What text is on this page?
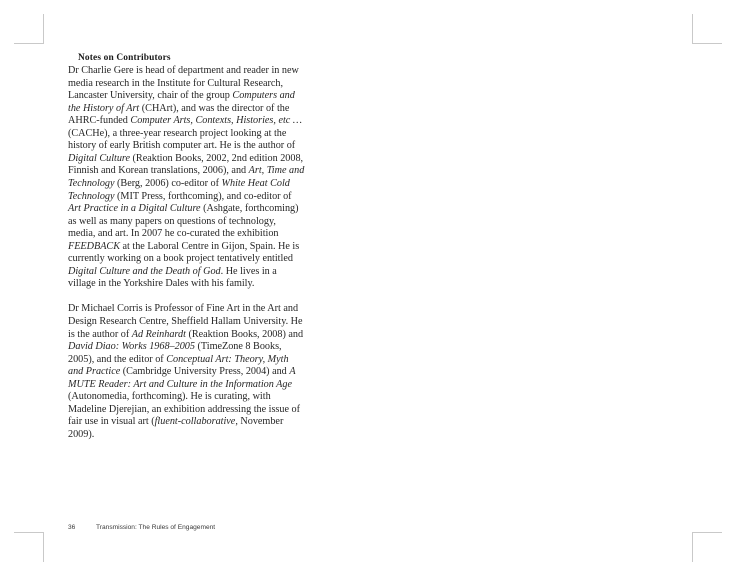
Notes on Contributors

Dr Charlie Gere is head of department and reader in new media research in the Institute for Cultural Research, Lancaster University, chair of the group Computers and the History of Art (CHArt), and was the director of the AHRC-funded Computer Arts, Contexts, Histories, etc … (CACHe), a three-year research project looking at the history of early British computer art. He is the author of Digital Culture (Reaktion Books, 2002, 2nd edition 2008, Finnish and Korean translations, 2006), and Art, Time and Technology (Berg, 2006) co-editor of White Heat Cold Technology (MIT Press, forthcoming), and co-editor of Art Practice in a Digital Culture (Ashgate, forthcoming) as well as many papers on questions of technology, media, and art. In 2007 he co-curated the exhibition FEEDBACK at the Laboral Centre in Gijon, Spain. He is currently working on a book project tentatively entitled Digital Culture and the Death of God. He lives in a village in the Yorkshire Dales with his family.

Dr Michael Corris is Professor of Fine Art in the Art and Design Research Centre, Sheffield Hallam University. He is the author of Ad Reinhardt (Reaktion Books, 2008) and David Diao: Works 1968–2005 (TimeZone 8 Books, 2005), and the editor of Conceptual Art: Theory, Myth and Practice (Cambridge University Press, 2004) and A MUTE Reader: Art and Culture in the Information Age (Autonomedia, forthcoming). He is curating, with Madeline Djerejian, an exhibition addressing the issue of fair use in visual art (fluent-collaborative, November 2009).

36	Transmission: The Rules of Engagement
